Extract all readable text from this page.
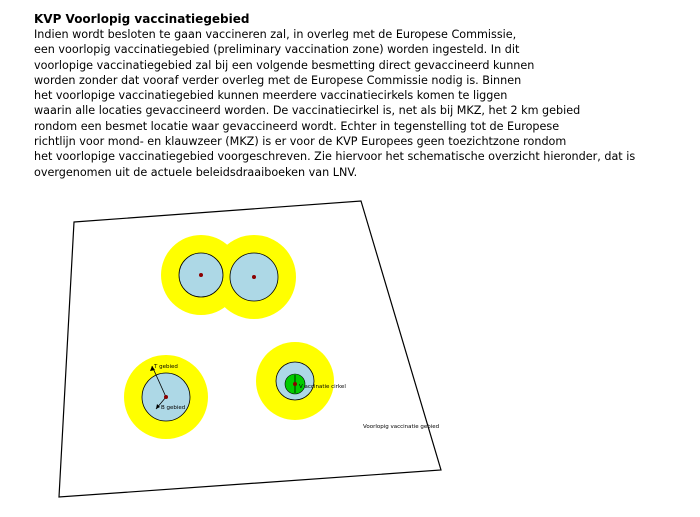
KVP Voorlopig vaccinatiegebied
Indien wordt besloten te gaan vaccineren zal, in overleg met de Europese Commissie,
een voorlopig vaccinatiegebied (preliminary vaccination zone) worden ingesteld. In dit
voorlopige vaccinatiegebied zal bij een volgende besmetting direct gevaccineerd kunnen
worden zonder dat vooraf verder overleg met de Europese Commissie nodig is. Binnen
het voorlopige vaccinatiegebied kunnen meerdere vaccinatiecirkels komen te liggen
waarin alle locaties gevaccineerd worden. De vaccinatiecirkel is, net als bij MKZ, het 2 km gebied
rondom een besmet locatie waar gevaccineerd wordt. Echter in tegenstelling tot de Europese
richtlijn voor mond- en klauwzeer (MKZ) is er voor de KVP Europees geen toezichtzone rondom
het voorlopige vaccinatiegebied voorgeschreven. Zie hiervoor het schematische overzicht hieronder, dat is
overgenomen uit de actuele beleidsdraaiboeken van LNV.
T gebied
B gebied
V accinatie cirkel
Voorlopig vaccinatie gebied
